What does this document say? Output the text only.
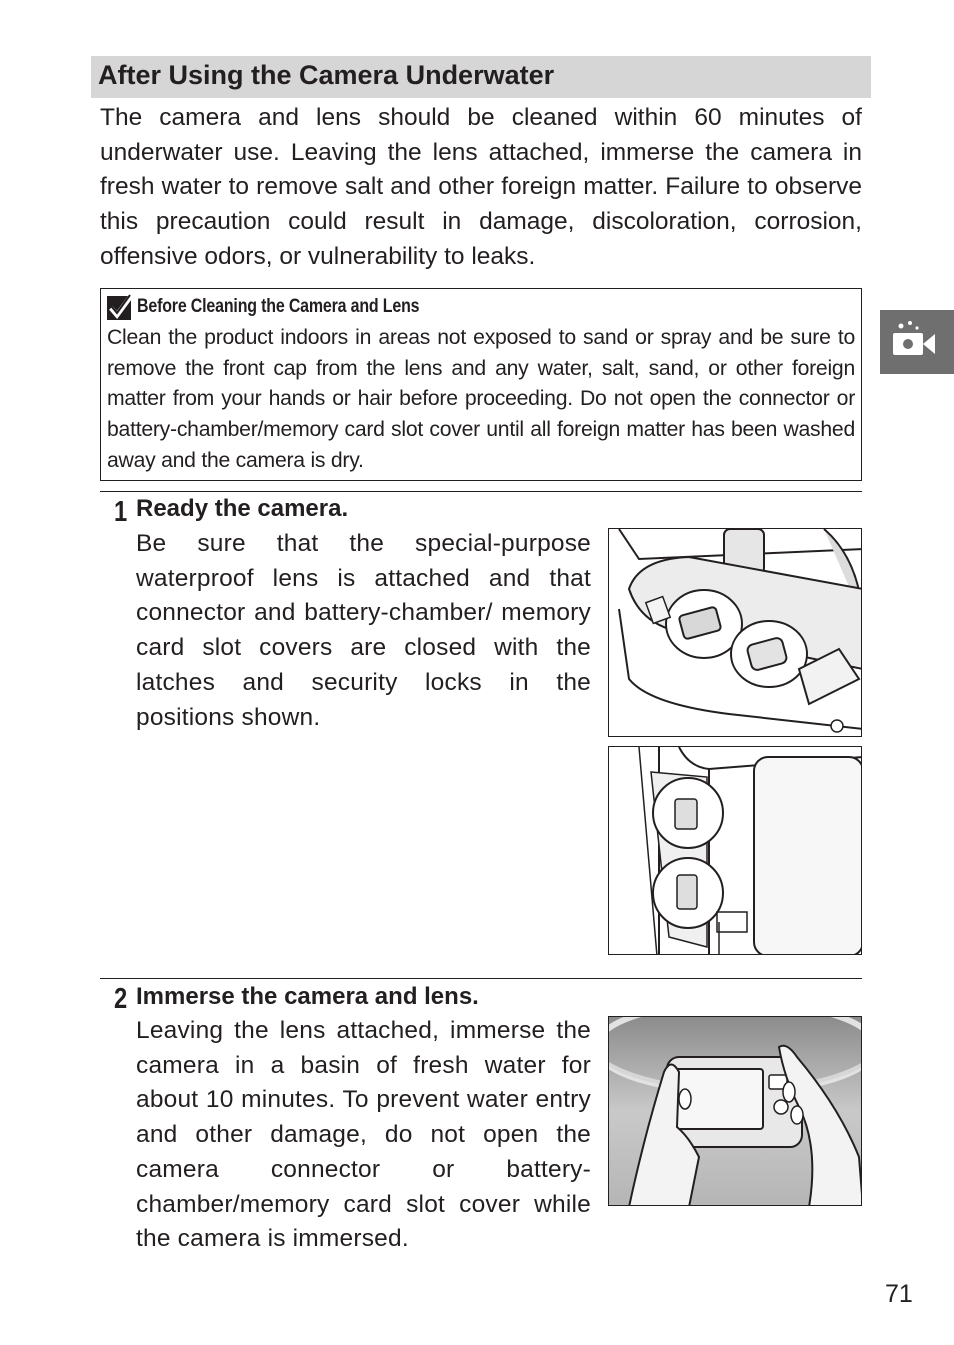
After Using the Camera Underwater

The camera and lens should be cleaned within 60 minutes of underwater use. Leaving the lens attached, immerse the camera in fresh water to remove salt and other foreign matter. Failure to observe this precaution could result in damage, discoloration, corrosion, offensive odors, or vulnerability to leaks.

Before Cleaning the Camera and Lens

Clean the product indoors in areas not exposed to sand or spray and be sure to remove the front cap from the lens and any water, salt, sand, or other foreign matter from your hands or hair before proceeding. Do not open the connector or battery-chamber/memory card slot cover until all foreign matter has been washed away and the camera is dry.

1 Ready the camera.

Be sure that the special-purpose waterproof lens is attached and that connector and battery-chamber/ memory card slot covers are closed with the latches and security locks in the positions shown.

2 Immerse the camera and lens.

Leaving the lens attached, immerse the camera in a basin of fresh water for about 10 minutes. To prevent water entry and other damage, do not open the camera connector or battery-chamber/memory card slot cover while the camera is immersed.

71
